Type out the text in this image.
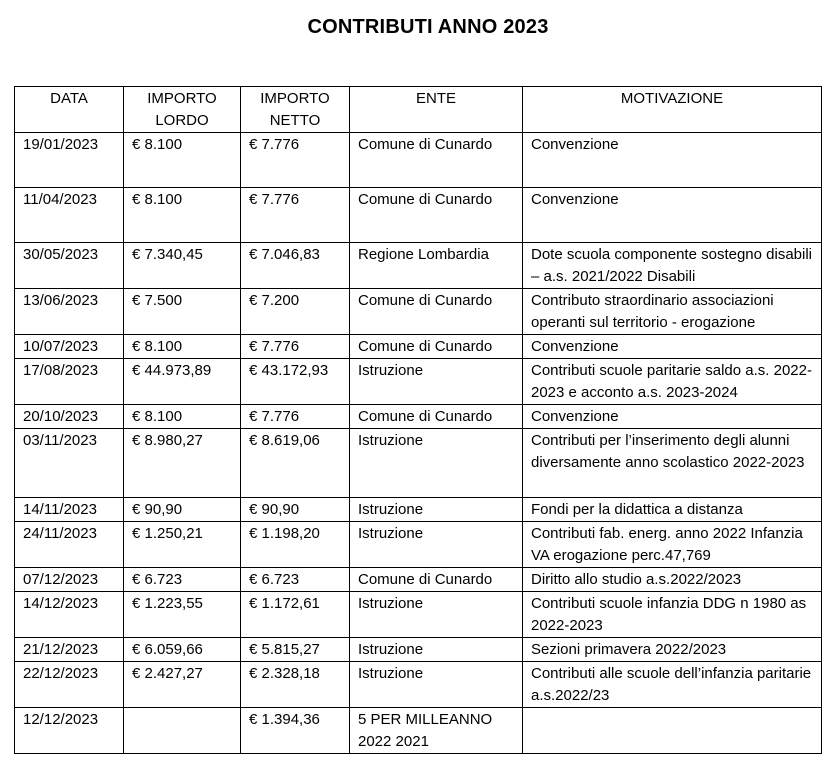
CONTRIBUTI ANNO 2023
DATA	IMPORTO LORDO	IMPORTO NETTO	ENTE	MOTIVAZIONE
19/01/2023	€ 8.100	€ 7.776	Comune di Cunardo	Convenzione
11/04/2023	€ 8.100	€ 7.776	Comune di Cunardo	Convenzione
30/05/2023	€ 7.340,45	€ 7.046,83	Regione Lombardia	Dote scuola componente sostegno disabili – a.s. 2021/2022 Disabili
13/06/2023	€ 7.500	€ 7.200	Comune di Cunardo	Contributo straordinario associazioni operanti sul territorio - erogazione
10/07/2023	€ 8.100	€ 7.776	Comune di Cunardo	Convenzione
17/08/2023	€ 44.973,89	€ 43.172,93	Istruzione	Contributi scuole paritarie saldo a.s. 2022-2023 e acconto a.s. 2023-2024
20/10/2023	€ 8.100	€ 7.776	Comune di Cunardo	Convenzione
03/11/2023	€ 8.980,27	€ 8.619,06	Istruzione	Contributi per l’inserimento degli alunni diversamente anno scolastico 2022-2023
14/11/2023	€ 90,90	€ 90,90	Istruzione	Fondi per la didattica a distanza
24/11/2023	€ 1.250,21	€ 1.198,20	Istruzione	Contributi fab. energ. anno 2022 Infanzia VA erogazione perc.47,769
07/12/2023	€ 6.723	€ 6.723	Comune di Cunardo	Diritto allo studio a.s.2022/2023
14/12/2023	€ 1.223,55	€ 1.172,61	Istruzione	Contributi scuole infanzia DDG n 1980 as 2022-2023
21/12/2023	€ 6.059,66	€ 5.815,27	Istruzione	Sezioni primavera 2022/2023
22/12/2023	€ 2.427,27	€ 2.328,18	Istruzione	Contributi alle scuole dell’infanzia paritarie a.s.2022/23
12/12/2023		€ 1.394,36	5 PER MILLEANNO 2022 2021	
